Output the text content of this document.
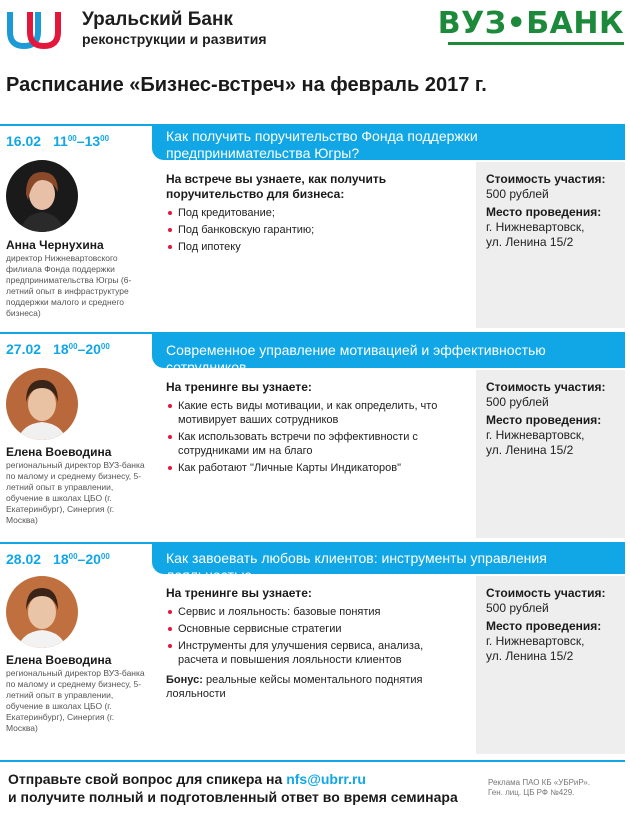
Уральский Банк
реконструкции и развития	ВУЗ•БАНК
Расписание «Бизнес-встреч» на февраль 2017 г.
16.02 $11^{00}-13^{00}$	Как получить поручительство Фонда поддержки предпринимательства Югры?
Анна Чернухина
директор Нижневартовского филиала Фонда поддержки предпринимательства Югры (6-летний опыт в инфраструктуре поддержки малого и среднего бизнеса)
На встрече вы узнаете, как получить поручительство для бизнеса:
Под кредитование;
Под банковскую гарантию;
Под ипотеку
Стоимость участия:
500 рублей
Место проведения:
г. Нижневартовск,
ул. Ленина 15/2
27.02 $18^{00}-20^{00}$	Современное управление мотивацией и эффективностью сотрудников
Елена Воеводина
региональный директор ВУЗ-банка по малому и среднему бизнесу, 5-летний опыт в управлении, обучение в школах ЦБО (г. Екатеринбург), Синергия (г. Москва)
На тренинге вы узнаете:
Какие есть виды мотивации, и как определить, что мотивирует ваших сотрудников
Как использовать встречи по эффективности с сотрудниками им на благо
Как работают "Личные Карты Индикаторов"
Стоимость участия:
500 рублей
Место проведения:
г. Нижневартовск,
ул. Ленина 15/2
28.02 $18^{00}-20^{00}$	Как завоевать любовь клиентов: инструменты управления лояльностью
Елена Воеводина
региональный директор ВУЗ-банка по малому и среднему бизнесу, 5-летний опыт в управлении, обучение в школах ЦБО (г. Екатеринбург), Синергия (г. Москва)
На тренинге вы узнаете:
Сервис и лояльность: базовые понятия
Основные сервисные стратегии
Инструменты для улучшения сервиса, анализа, расчета и повышения лояльности клиентов
Бонус: реальные кейсы моментального поднятия лояльности
Стоимость участия:
500 рублей
Место проведения:
г. Нижневартовск,
ул. Ленина 15/2
Отправьте свой вопрос для спикера на nfs@ubrr.ru
и получите полный и подготовленный ответ во время семинара
Реклама ПАО КБ «УБРиР».
Ген. лиц. ЦБ РФ №429.
